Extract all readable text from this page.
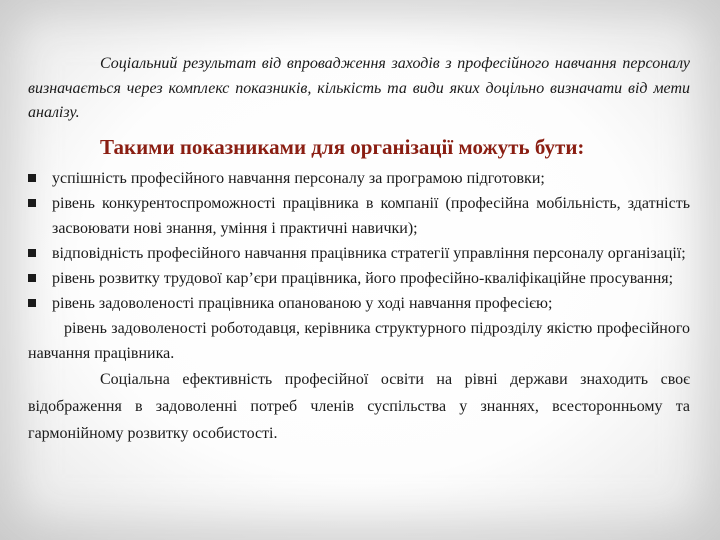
Соціальний результат від впровадження заходів з професійного навчання персоналу визначається через комплекс показників, кількість та види яких доцільно визначати від мети аналізу.

Такими показниками для організації можуть бути:
успішність професійного навчання персоналу за програмою підготовки;
рівень конкурентоспроможності працівника в компанії (професійна мобільність, здатність засвоювати нові знання, уміння і практичні навички);
відповідність професійного навчання працівника стратегії управління персоналу організації;
рівень розвитку трудової кар’єри працівника, його професійно-кваліфікаційне просування;
рівень задоволеності працівника опанованою у ході навчання професією;

рівень задоволеності роботодавця, керівника структурного підрозділу якістю професійного навчання працівника.

Соціальна ефективність професійної освіти на рівні держави знаходить своє відображення в задоволенні потреб членів суспільства у знаннях, всесторонньому та гармонійному розвитку особистості.
